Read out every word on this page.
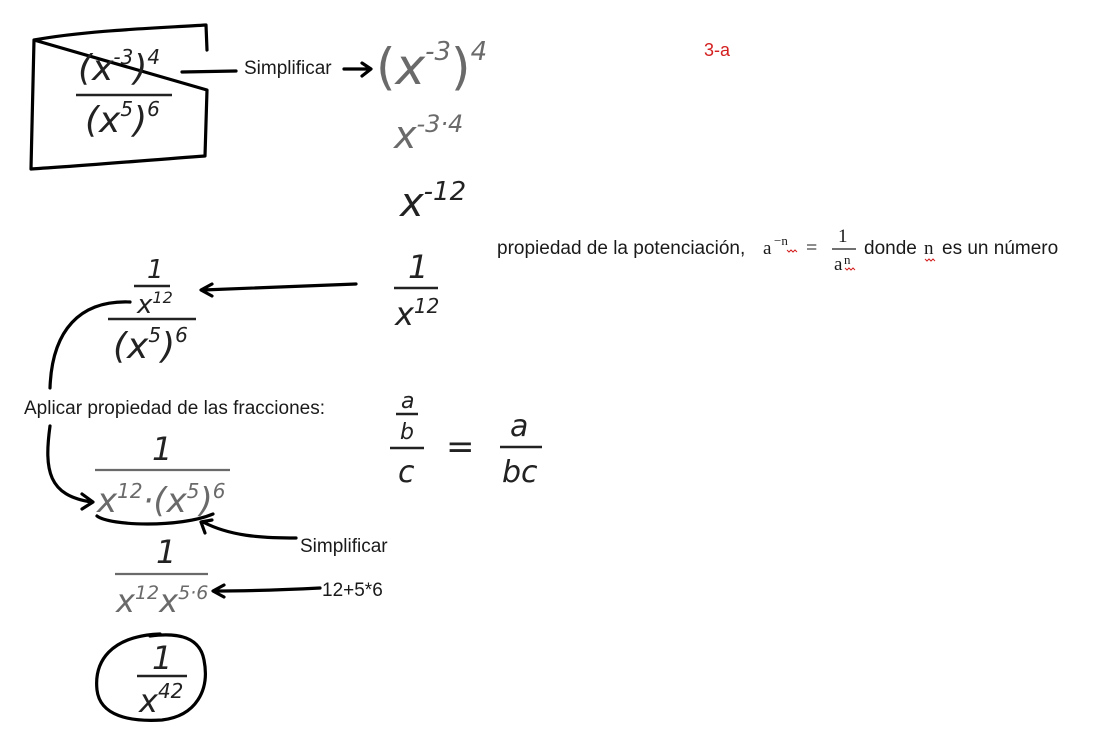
3-a
$(x^{-3})^4$
$(x^5)^6$
Simplificar $(x^{-3})^4$
$x^{-3\cdot 4}$
$x^{-12}$
1
$x^{12}$
propiedad de la potenciación, a −n =
1
a n
donde n es un número
1
$x^{12}$
$(x^5)^6$
Aplicar propiedad de las fracciones:	a
b
c
=
a
bc
1
$x^{12}\cdot(x^5)^6$
Simplificar
1
$x^{12}x^{5\cdot 6}$	12+5*6
1
$x^{42}$
